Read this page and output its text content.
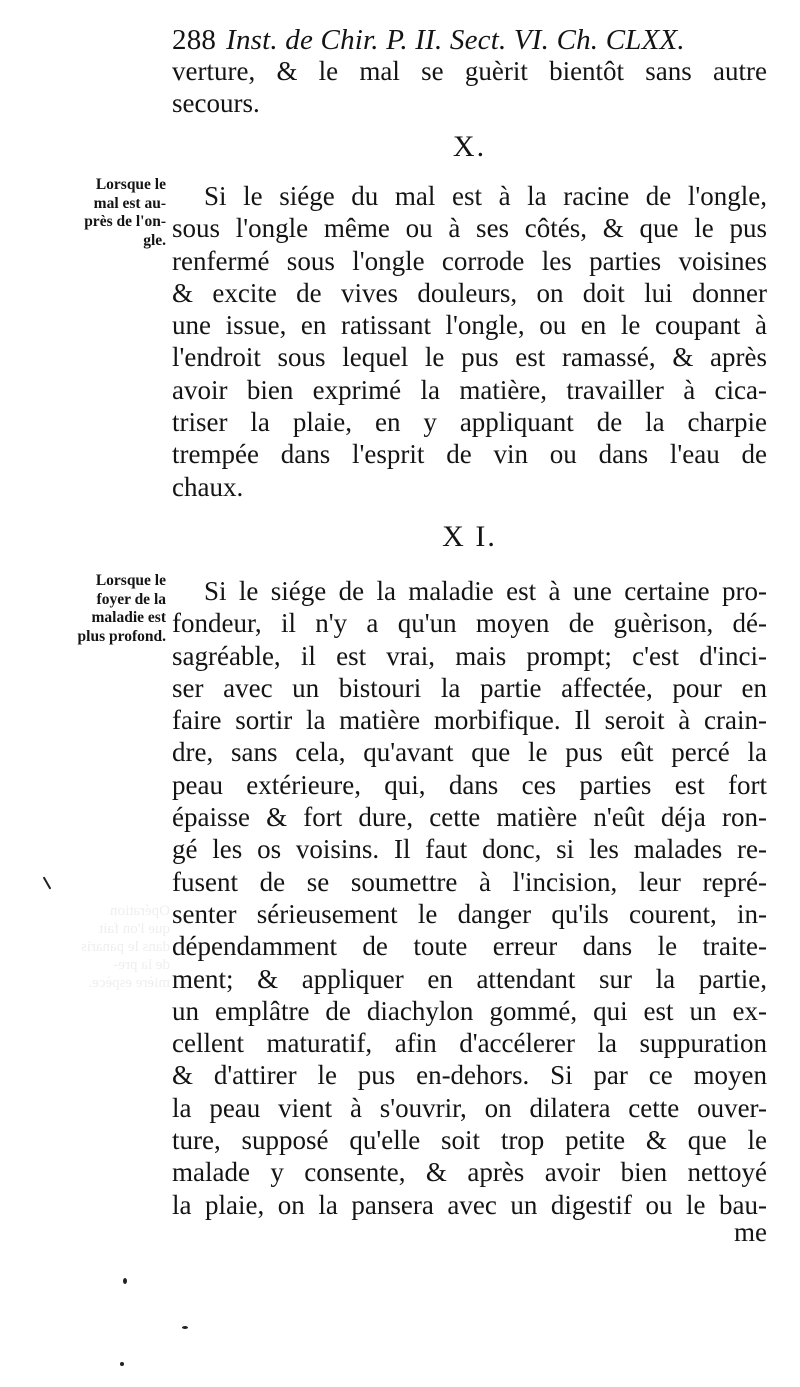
Opération
que l'on fait
dans le panaris
de la pre-
mière espèce.
288 Inst. de Chir. P. II. Sect. VI. Ch. CLXX.
verture, & le mal se guèrit bientôt sans autre
secours.
X.
Lorsque le
mal est au-
près de l'on-
gle.
Si le siége du mal est à la racine de l'ongle,
sous l'ongle même ou à ses côtés, & que le pus
renfermé sous l'ongle corrode les parties voisines
& excite de vives douleurs, on doit lui donner
une issue, en ratissant l'ongle, ou en le coupant à
l'endroit sous lequel le pus est ramassé, & après
avoir bien exprimé la matière, travailler à cica-
triser la plaie, en y appliquant de la charpie
trempée dans l'esprit de vin ou dans l'eau de
chaux.
X I.
Lorsque le
foyer de la
maladie est
plus profond.
Si le siége de la maladie est à une certaine pro-
fondeur, il n'y a qu'un moyen de guèrison, dé-
sagréable, il est vrai, mais prompt; c'est d'inci-
ser avec un bistouri la partie affectée, pour en
faire sortir la matière morbifique. Il seroit à crain-
dre, sans cela, qu'avant que le pus eût percé la
peau extérieure, qui, dans ces parties est fort
épaisse & fort dure, cette matière n'eût déja ron-
gé les os voisins. Il faut donc, si les malades re-
fusent de se soumettre à l'incision, leur repré-
senter sérieusement le danger qu'ils courent, in-
dépendamment de toute erreur dans le traite-
ment; & appliquer en attendant sur la partie,
un emplâtre de diachylon gommé, qui est un ex-
cellent maturatif, afin d'accélerer la suppuration
& d'attirer le pus en-dehors. Si par ce moyen
la peau vient à s'ouvrir, on dilatera cette ouver-
ture, supposé qu'elle soit trop petite & que le
malade y consente, & après avoir bien nettoyé
la plaie, on la pansera avec un digestif ou le bau-
me
